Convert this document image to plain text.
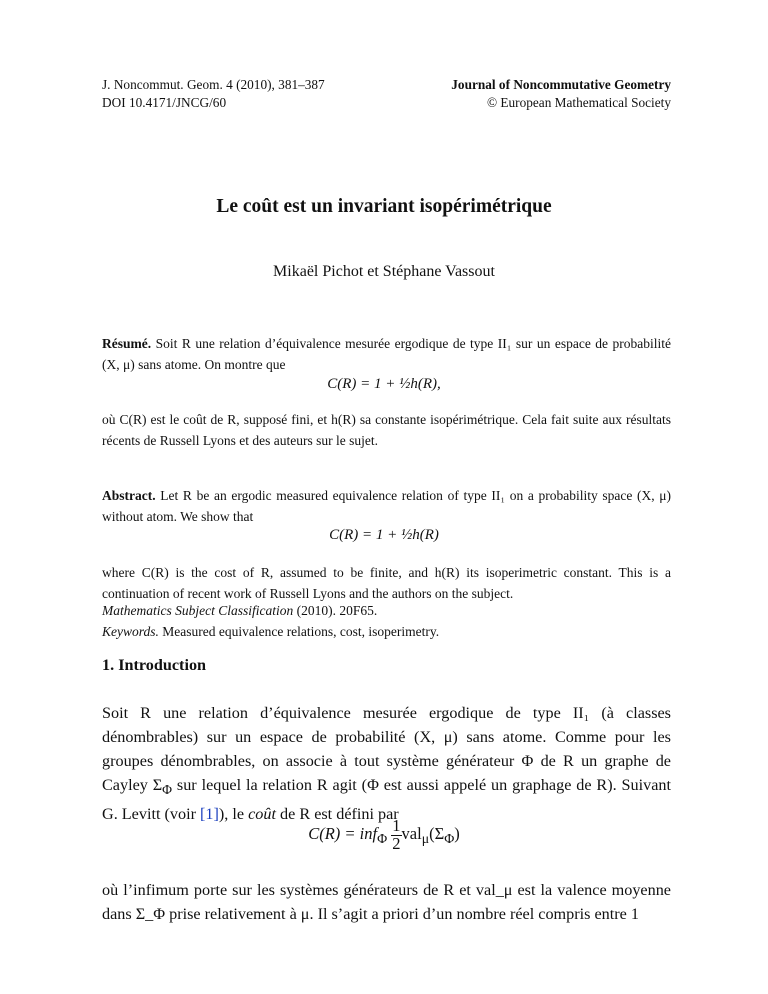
J. Noncommut. Geom. 4 (2010), 381–387
DOI 10.4171/JNCG/60
Journal of Noncommutative Geometry
© European Mathematical Society
Le coût est un invariant isopérimétrique
Mikaël Pichot et Stéphane Vassout
Résumé. Soit R une relation d’équivalence mesurée ergodique de type II₁ sur un espace de probabilité (X, μ) sans atome. On montre que
C(R) = 1 + ½h(R),
où C(R) est le coût de R, supposé fini, et h(R) sa constante isopérimétrique. Cela fait suite aux résultats récents de Russell Lyons et des auteurs sur le sujet.
Abstract. Let R be an ergodic measured equivalence relation of type II₁ on a probability space (X, μ) without atom. We show that
C(R) = 1 + ½h(R)
where C(R) is the cost of R, assumed to be finite, and h(R) its isoperimetric constant. This is a continuation of recent work of Russell Lyons and the authors on the subject.
Mathematics Subject Classification (2010). 20F65.
Keywords. Measured equivalence relations, cost, isoperimetry.
1. Introduction
Soit R une relation d’équivalence mesurée ergodique de type II₁ (à classes dénombrables) sur un espace de probabilité (X, μ) sans atome. Comme pour les groupes dénombrables, on associe à tout système générateur Φ de R un graphe de Cayley $\Sigma_\Phi$ sur lequel la relation R agit (Φ est aussi appelé un graphage de R). Suivant G. Levitt (voir [1]), le coût de R est défini par
$C(R) = inf_\Phi \frac{1}{2} val_\mu(\Sigma_\Phi)$
où l’infimum porte sur les systèmes générateurs de R et val_μ est la valence moyenne dans Σ_Φ prise relativement à μ. Il s’agit a priori d’un nombre réel compris entre 1
